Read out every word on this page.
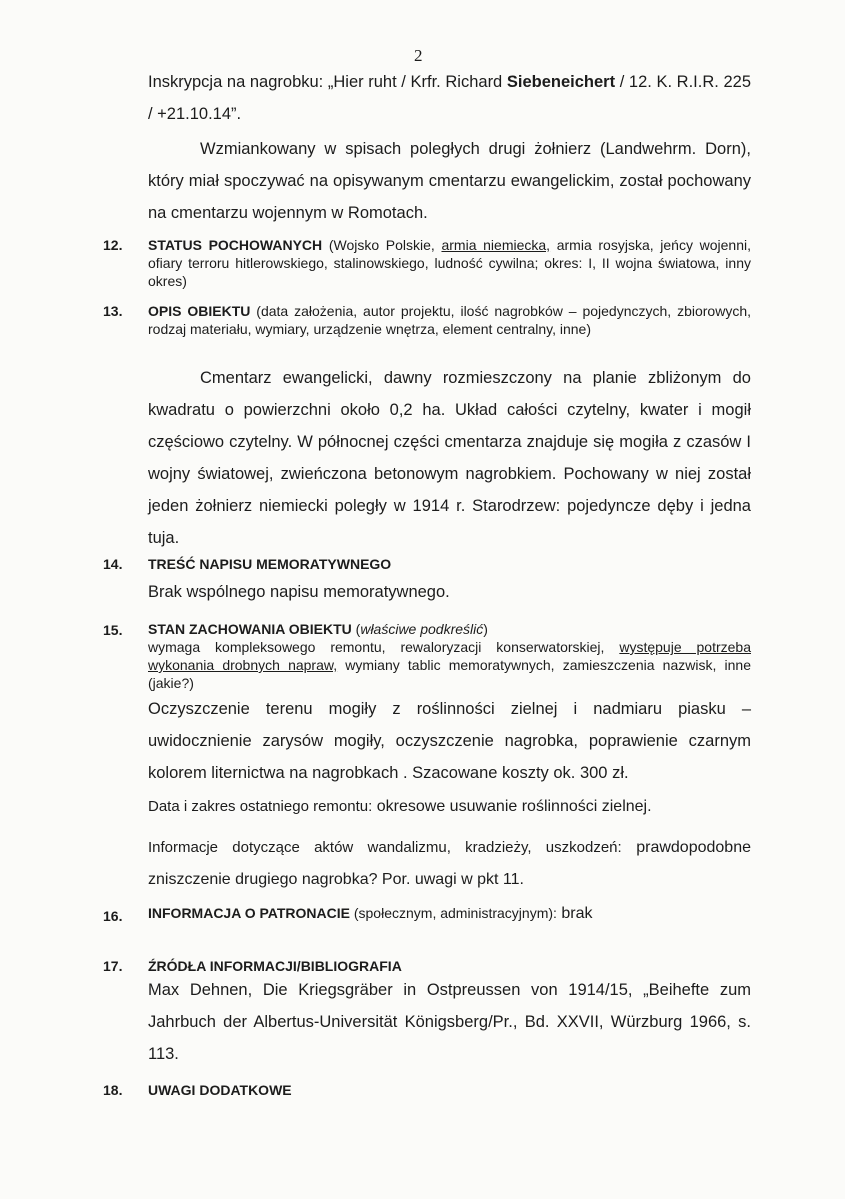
2
Inskrypcja na nagrobku: „Hier ruht / Krfr. Richard Siebeneichert / 12. K. R.I.R. 225 / +21.10.14”.
Wzmiankowany w spisach poległych drugi żołnierz (Landwehrm. Dorn), który miał spoczywać na opisywanym cmentarzu ewangelickim, został pochowany na cmentarzu wojennym w Romotach.
12. STATUS POCHOWANYCH (Wojsko Polskie, armia niemiecka, armia rosyjska, jeńcy wojenni, ofiary terroru hitlerowskiego, stalinowskiego, ludność cywilna; okres: I, II wojna światowa, inny okres)
13. OPIS OBIEKTU (data założenia, autor projektu, ilość nagrobków – pojedynczych, zbiorowych, rodzaj materiału, wymiary, urządzenie wnętrza, element centralny, inne)
Cmentarz ewangelicki, dawny rozmieszczony na planie zbliżonym do kwadratu o powierzchni około 0,2 ha. Układ całości czytelny, kwater i mogił częściowo czytelny. W północnej części cmentarza znajduje się mogiła z czasów I wojny światowej, zwieńczona betonowym nagrobkiem. Pochowany w niej został jeden żołnierz niemiecki poległy w 1914 r. Starodrzew: pojedyncze dęby i jedna tuja.
14. TREŚĆ NAPISU MEMORATYWNEGO
Brak wspólnego napisu memoratywnego.
15. STAN ZACHOWANIA OBIEKTU (właściwe podkreślić)
wymaga kompleksowego remontu, rewaloryzacji konserwatorskiej, występuje potrzeba wykonania drobnych napraw, wymiany tablic memoratywnych, zamieszczenia nazwisk, inne (jakie?)
Oczyszczenie terenu mogiły z roślinności zielnej i nadmiaru piasku – uwidocznienie zarysów mogiły, oczyszczenie nagrobka, poprawienie czarnym kolorem liternictwa na nagrobkach . Szacowane koszty ok. 300 zł.
Data i zakres ostatniego remontu: okresowe usuwanie roślinności zielnej.
Informacje dotyczące aktów wandalizmu, kradzieży, uszkodzeń: prawdopodobne zniszczenie drugiego nagrobka? Por. uwagi w pkt 11.
16. INFORMACJA O PATRONACIE (społecznym, administracyjnym): brak
17. ŹRÓDŁA INFORMACJI/BIBLIOGRAFIA
Max Dehnen, Die Kriegsgräber in Ostpreussen von 1914/15, „Beihefte zum Jahrbuch der Albertus-Universität Königsberg/Pr., Bd. XXVII, Würzburg 1966, s. 113.
18. UWAGI DODATKOWE
